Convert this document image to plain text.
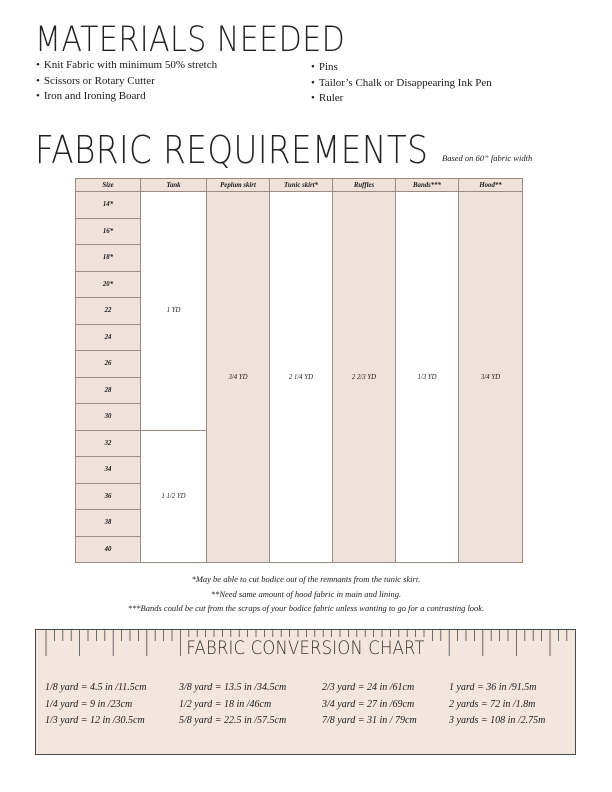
MATERIALS NEEDED
• Knit Fabric with minimum 50% stretch
• Scissors or Rotary Cutter
• Iron and Ironing Board
• Pins
• Tailor’s Chalk or Disappearing Ink Pen
• Ruler
FABRIC REQUIREMENTS Based on 60” fabric width
Size	Tank	Peplum skirt	Tunic skirt*	Ruffles	Bands***	Hood**
14*	1 YD	3/4 YD	2 1/4 YD	2 2/3 YD	1/3 YD	3/4 YD
16*						
18*						
20*						
22						
24						
26						
28						
30						
32	1 1/2 YD					
34						
36						
38						
40						
*May be able to cut bodice out of the remnants from the tunic skirt.
**Need same amount of hood fabric in main and lining.
***Bands could be cut from the scraps of your bodice fabric unless wanting to go for a contrasting look.
FABRIC CONVERSION CHART
1/8 yard = 4.5 in /11.5cm
1/4 yard = 9 in /23cm
1/3 yard = 12 in /30.5cm
3/8 yard = 13.5 in /34.5cm
1/2 yard = 18 in /46cm
5/8 yard = 22.5 in /57.5cm
2/3 yard = 24 in /61cm
3/4 yard = 27 in /69cm
7/8 yard = 31 in / 79cm
1 yard = 36 in /91.5m
2 yards = 72 in /1.8m
3 yards = 108 in /2.75m
